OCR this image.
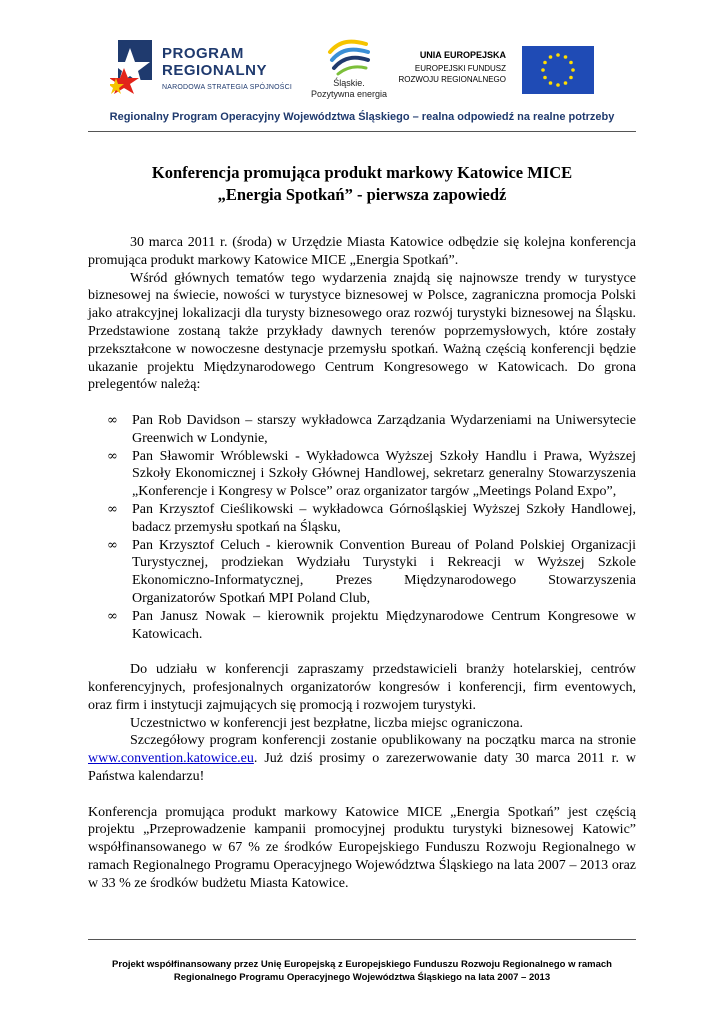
PROGRAM
REGIONALNY
NARODOWA STRATEGIA SPÓJNOŚCI	Śląskie.
Pozytywna energia
UNIA EUROPEJSKA
EUROPEJSKI FUNDUSZ
ROZWOJU REGIONALNEGO
Regionalny Program Operacyjny Województwa Śląskiego – realna odpowiedź na realne potrzeby
Konferencja promująca produkt markowy Katowice MICE
„Energia Spotkań” - pierwsza zapowiedź

30 marca 2011 r. (środa) w Urzędzie Miasta Katowice odbędzie się kolejna konferencja promująca produkt markowy Katowice MICE „Energia Spotkań”.

Wśród głównych tematów tego wydarzenia znajdą się najnowsze trendy w turystyce biznesowej na świecie, nowości w turystyce biznesowej w Polsce, zagraniczna promocja Polski jako atrakcyjnej lokalizacji dla turysty biznesowego oraz rozwój turystyki biznesowej na Śląsku. Przedstawione zostaną także przykłady dawnych terenów poprzemysłowych, które zostały przekształcone w nowoczesne destynacje przemysłu spotkań. Ważną częścią konferencji będzie ukazanie projektu Międzynarodowego Centrum Kongresowego w Katowicach. Do grona prelegentów należą:

∞ Pan Rob Davidson – starszy wykładowca Zarządzania Wydarzeniami na Uniwersytecie Greenwich w Londynie,
∞ Pan Sławomir Wróblewski - Wykładowca Wyższej Szkoły Handlu i Prawa, Wyższej Szkoły Ekonomicznej i Szkoły Głównej Handlowej, sekretarz generalny Stowarzyszenia „Konferencje i Kongresy w Polsce” oraz organizator targów „Meetings Poland Expo”,
∞ Pan Krzysztof Cieślikowski – wykładowca Górnośląskiej Wyższej Szkoły Handlowej, badacz przemysłu spotkań na Śląsku,
∞ Pan Krzysztof Celuch - kierownik Convention Bureau of Poland Polskiej Organizacji Turystycznej, prodziekan Wydziału Turystyki i Rekreacji w Wyższej Szkole Ekonomiczno-Informatycznej, Prezes Międzynarodowego Stowarzyszenia Organizatorów Spotkań MPI Poland Club,
∞ Pan Janusz Nowak – kierownik projektu Międzynarodowe Centrum Kongresowe w Katowicach.

Do udziału w konferencji zapraszamy przedstawicieli branży hotelarskiej, centrów konferencyjnych, profesjonalnych organizatorów kongresów i konferencji, firm eventowych, oraz firm i instytucji zajmujących się promocją i rozwojem turystyki.

Uczestnictwo w konferencji jest bezpłatne, liczba miejsc ograniczona.

Szczegółowy program konferencji zostanie opublikowany na początku marca na stronie www.convention.katowice.eu. Już dziś prosimy o zarezerwowanie daty 30 marca 2011 r. w Państwa kalendarzu!

Konferencja promująca produkt markowy Katowice MICE „Energia Spotkań” jest częścią projektu „Przeprowadzenie kampanii promocyjnej produktu turystyki biznesowej Katowic” współfinansowanego w 67 % ze środków Europejskiego Funduszu Rozwoju Regionalnego w ramach Regionalnego Programu Operacyjnego Województwa Śląskiego na lata 2007 – 2013 oraz w 33 % ze środków budżetu Miasta Katowice.

Projekt współfinansowany przez Unię Europejską z Europejskiego Funduszu Rozwoju Regionalnego w ramach
Regionalnego Programu Operacyjnego Województwa Śląskiego na lata 2007 – 2013
